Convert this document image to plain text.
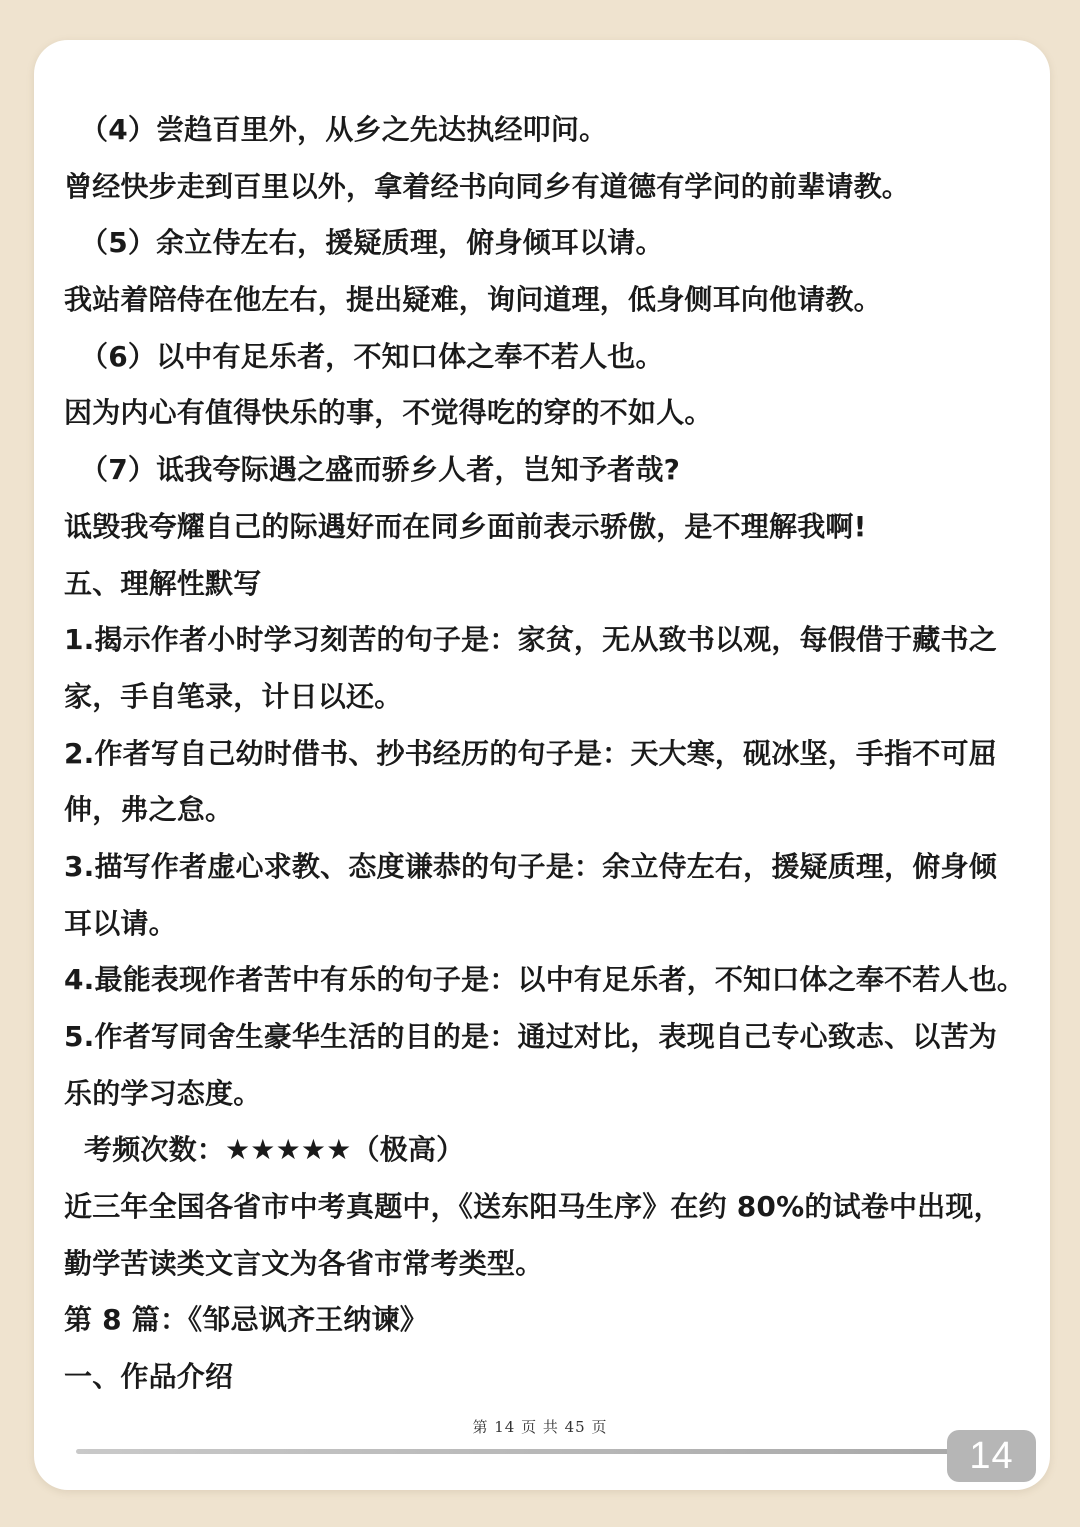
（4）尝趋百里外，从乡之先达执经叩问。
曾经快步走到百里以外，拿着经书向同乡有道德有学问的前辈请教。
（5）余立侍左右，援疑质理，俯身倾耳以请。
我站着陪侍在他左右，提出疑难，询问道理，低身侧耳向他请教。
（6）以中有足乐者，不知口体之奉不若人也。
因为内心有值得快乐的事，不觉得吃的穿的不如人。
（7）诋我夸际遇之盛而骄乡人者，岂知予者哉?
诋毁我夸耀自己的际遇好而在同乡面前表示骄傲，是不理解我啊!
五、理解性默写
1.揭示作者小时学习刻苦的句子是：家贫，无从致书以观，每假借于藏书之
家，手自笔录，计日以还。
2.作者写自己幼时借书、抄书经历的句子是：天大寒，砚冰坚，手指不可屈
伸，弗之怠。
3.描写作者虚心求教、态度谦恭的句子是：余立侍左右，援疑质理，俯身倾
耳以请。
4.最能表现作者苦中有乐的句子是：以中有足乐者，不知口体之奉不若人也。
5.作者写同舍生豪华生活的目的是：通过对比，表现自己专心致志、以苦为
乐的学习态度。
考频次数：★★★★★（极高）
近三年全国各省市中考真题中，《送东阳马生序》在约 80%的试卷中出现，
勤学苦读类文言文为各省市常考类型。
第 8 篇：《邹忌讽齐王纳谏》
一、作品介绍
第 14 页 共 45 页
14
